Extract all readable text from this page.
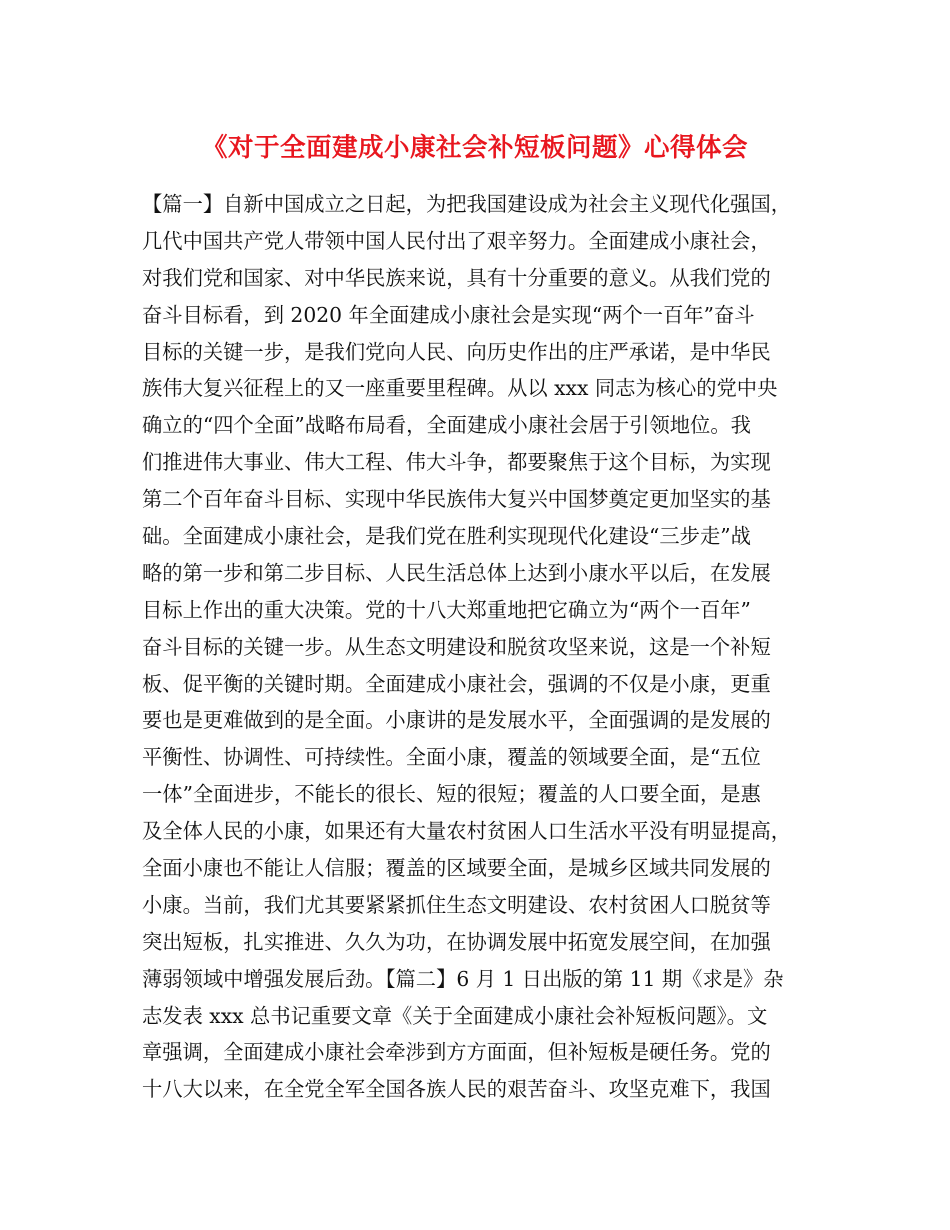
《对于全面建成小康社会补短板问题》心得体会
【篇一】自新中国成立之日起，为把我国建设成为社会主义现代化强国，
几代中国共产党人带领中国人民付出了艰辛努力。全面建成小康社会，
对我们党和国家、对中华民族来说，具有十分重要的意义。从我们党的
奋斗目标看，到 2020 年全面建成小康社会是实现“两个一百年”奋斗
目标的关键一步，是我们党向人民、向历史作出的庄严承诺，是中华民
族伟大复兴征程上的又一座重要里程碑。从以 xxx 同志为核心的党中央
确立的“四个全面”战略布局看，全面建成小康社会居于引领地位。我
们推进伟大事业、伟大工程、伟大斗争，都要聚焦于这个目标，为实现
第二个百年奋斗目标、实现中华民族伟大复兴中国梦奠定更加坚实的基
础。全面建成小康社会，是我们党在胜利实现现代化建设“三步走”战
略的第一步和第二步目标、人民生活总体上达到小康水平以后，在发展
目标上作出的重大决策。党的十八大郑重地把它确立为“两个一百年”
奋斗目标的关键一步。从生态文明建设和脱贫攻坚来说，这是一个补短
板、促平衡的关键时期。全面建成小康社会，强调的不仅是小康，更重
要也是更难做到的是全面。小康讲的是发展水平，全面强调的是发展的
平衡性、协调性、可持续性。全面小康，覆盖的领域要全面，是“五位
一体”全面进步，不能长的很长、短的很短；覆盖的人口要全面，是惠
及全体人民的小康，如果还有大量农村贫困人口生活水平没有明显提高，
全面小康也不能让人信服；覆盖的区域要全面，是城乡区域共同发展的
小康。当前，我们尤其要紧紧抓住生态文明建设、农村贫困人口脱贫等
突出短板，扎实推进、久久为功，在协调发展中拓宽发展空间，在加强
薄弱领域中增强发展后劲。【篇二】6 月 1 日出版的第 11 期《求是》杂
志发表 xxx 总书记重要文章《关于全面建成小康社会补短板问题》。文
章强调，全面建成小康社会牵涉到方方面面，但补短板是硬任务。党的
十八大以来，在全党全军全国各族人民的艰苦奋斗、攻坚克难下，我国
